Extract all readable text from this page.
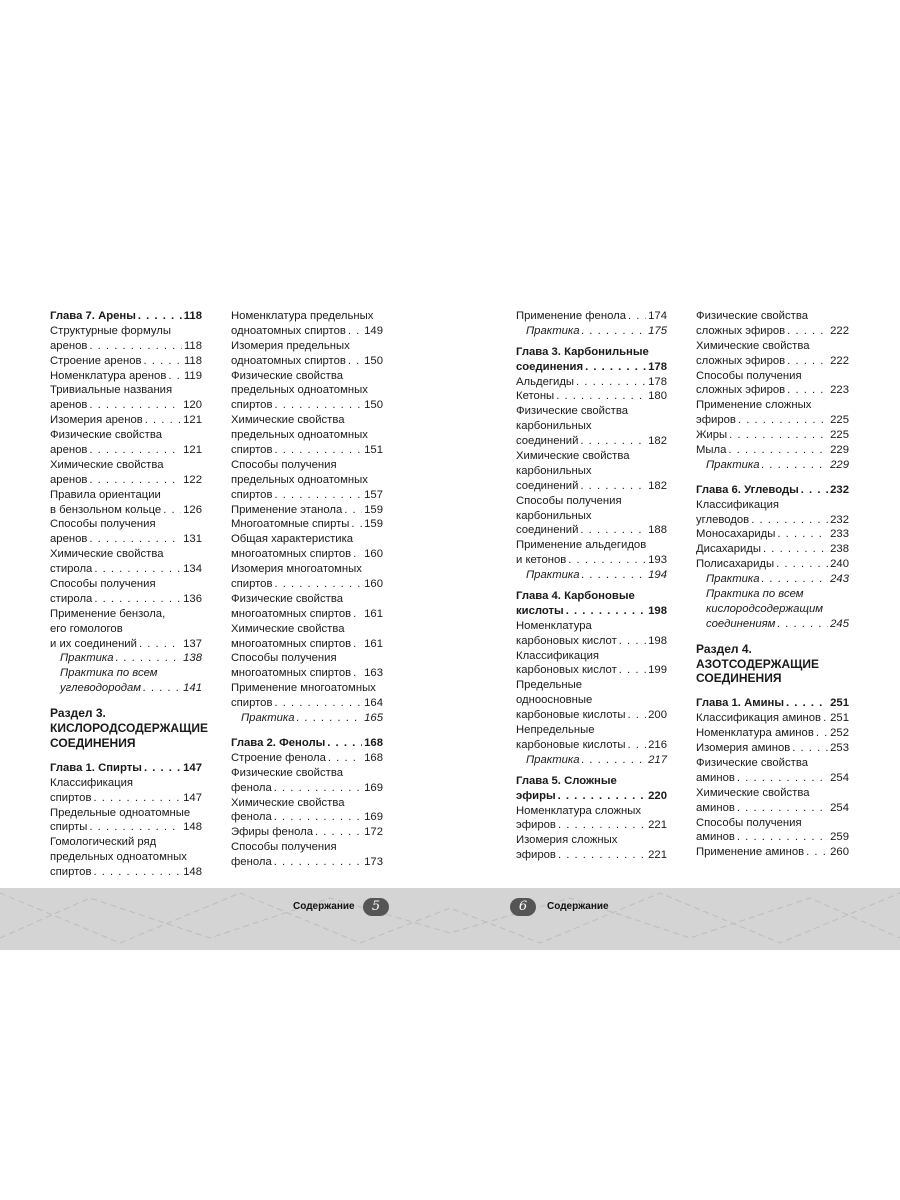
Глава 7. Арены . . .	118
Структурные формулы
аренов . . .	118
Строение аренов . . .	118
Номенклатура аренов . . . 119
Тривиальные названия
аренов . . .	120
Изомерия аренов . . .	121
Физические свойства
аренов . . .	121
Химические свойства
аренов . . .	122
Правила ориентации
в бензольном кольце . . . 126
Способы получения
аренов . . .	131
Химические свойства
стирола . . .	134
Способы получения
стирола . . .	136
Применение бензола,
его гомологов
и их соединений . . .	137
Практика . . .	138
Практика по всем
углеводородам . . .	141
Раздел 3.
КИСЛОРОДСОДЕРЖАЩИЕ
СОЕДИНЕНИЯ
Глава 1. Спирты . . .	147
Классификация
спиртов . . .	147
Предельные одноатомные
спирты . . .	148
Гомологический ряд
предельных одноатомных
спиртов . . .	148
Номенклатура предельных
одноатомных спиртов . . . 149
Изомерия предельных
одноатомных спиртов . . . 150
Физические свойства
предельных одноатомных
спиртов . . .	150
Химические свойства
предельных одноатомных
спиртов . . .	151
Способы получения
предельных одноатомных
спиртов . . .	157
Применение этанола . . . 159
Многоатомные спирты . . . 159
Общая характеристика
многоатомных спиртов . . . 160
Изомерия многоатомных
спиртов . . .	160
Физические свойства
многоатомных спиртов . . . 161
Химические свойства
многоатомных спиртов . . . 161
Способы получения
многоатомных спиртов . . . 163
Применение многоатомных
спиртов . . .	164
Практика . . .	165
Глава 2. Фенолы . . .	168
Строение фенола . . .	168
Физические свойства
фенола . . .	169
Химические свойства
фенола . . .	169
Эфиры фенола . . .	172
Способы получения
фенола . . .	173
Применение фенола . . . 174
Практика . . .	175
Глава 3. Карбонильные
соединения . . .	178
Альдегиды . . .	178
Кетоны . . .	180
Физические свойства
карбонильных
соединений . . .	182
Химические свойства
карбонильных
соединений . . .	182
Способы получения
карбонильных
соединений . . .	188
Применение альдегидов
и кетонов . . .	193
Практика . . .	194
Глава 4. Карбоновые
кислоты . . .	198
Номенклатура
карбоновых кислот . . .	198
Классификация
карбоновых кислот . . .	199
Предельные
одноосновные
карбоновые кислоты . . . 200
Непредельные
карбоновые кислоты . . . 216
Практика . . .	217
Глава 5. Сложные
эфиры . . .	220
Номенклатура сложных
эфиров . . .	221
Изомерия сложных
эфиров . . .	221
Физические свойства
сложных эфиров . . .	222
Химические свойства
сложных эфиров . . .	222
Способы получения
сложных эфиров . . .	223
Применение сложных
эфиров . . .	225
Жиры . . .	225
Мыла . . .	229
Практика . . .	229
Глава 6. Углеводы . . .	232
Классификация
углеводов . . .	232
Моносахариды . . .	233
Дисахариды . . .	238
Полисахариды . . .	240
Практика . . .	243
Практика по всем
кислородсодержащим
соединениям . . .	245
Раздел 4.
АЗОТСОДЕРЖАЩИЕ
СОЕДИНЕНИЯ
Глава 1. Амины . . .	251
Классификация аминов . . . 251
Номенклатура аминов . . . 252
Изомерия аминов . . .	253
Физические свойства
аминов . . .	254
Химические свойства
аминов . . .	254
Способы получения
аминов . . .	259
Применение аминов . . . 260
Содержание	5	6	Содержание
